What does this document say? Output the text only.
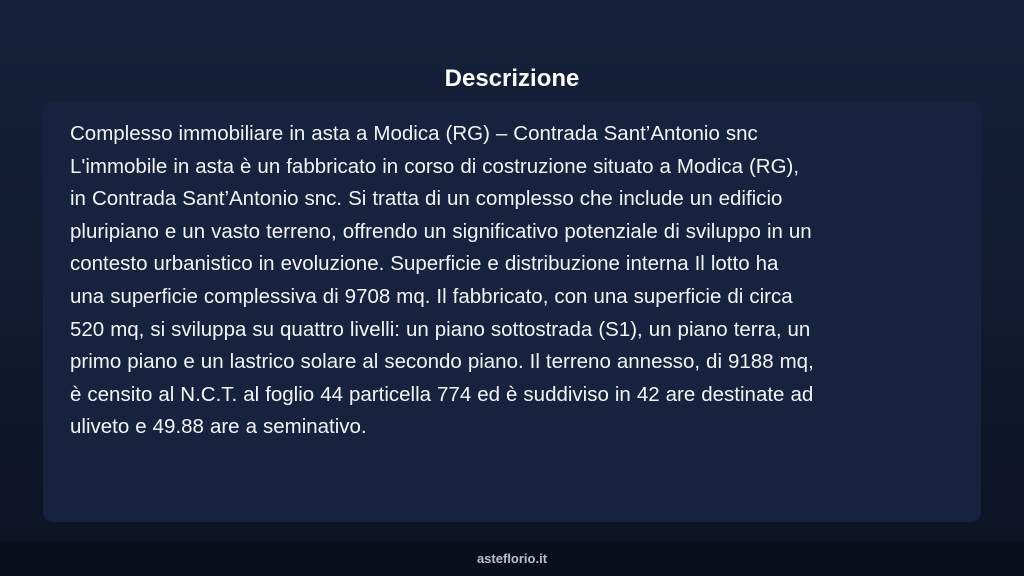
Descrizione

Complesso immobiliare in asta a Modica (RG) – Contrada Sant’Antonio snc
L'immobile in asta è un fabbricato in corso di costruzione situato a Modica (RG),
in Contrada Sant’Antonio snc. Si tratta di un complesso che include un edificio
pluripiano e un vasto terreno, offrendo un significativo potenziale di sviluppo in un
contesto urbanistico in evoluzione. Superficie e distribuzione interna Il lotto ha
una superficie complessiva di 9708 mq. Il fabbricato, con una superficie di circa
520 mq, si sviluppa su quattro livelli: un piano sottostrada (S1), un piano terra, un
primo piano e un lastrico solare al secondo piano. Il terreno annesso, di 9188 mq,
è censito al N.C.T. al foglio 44 particella 774 ed è suddiviso in 42 are destinate ad
uliveto e 49.88 are a seminativo.

asteflorio.it
